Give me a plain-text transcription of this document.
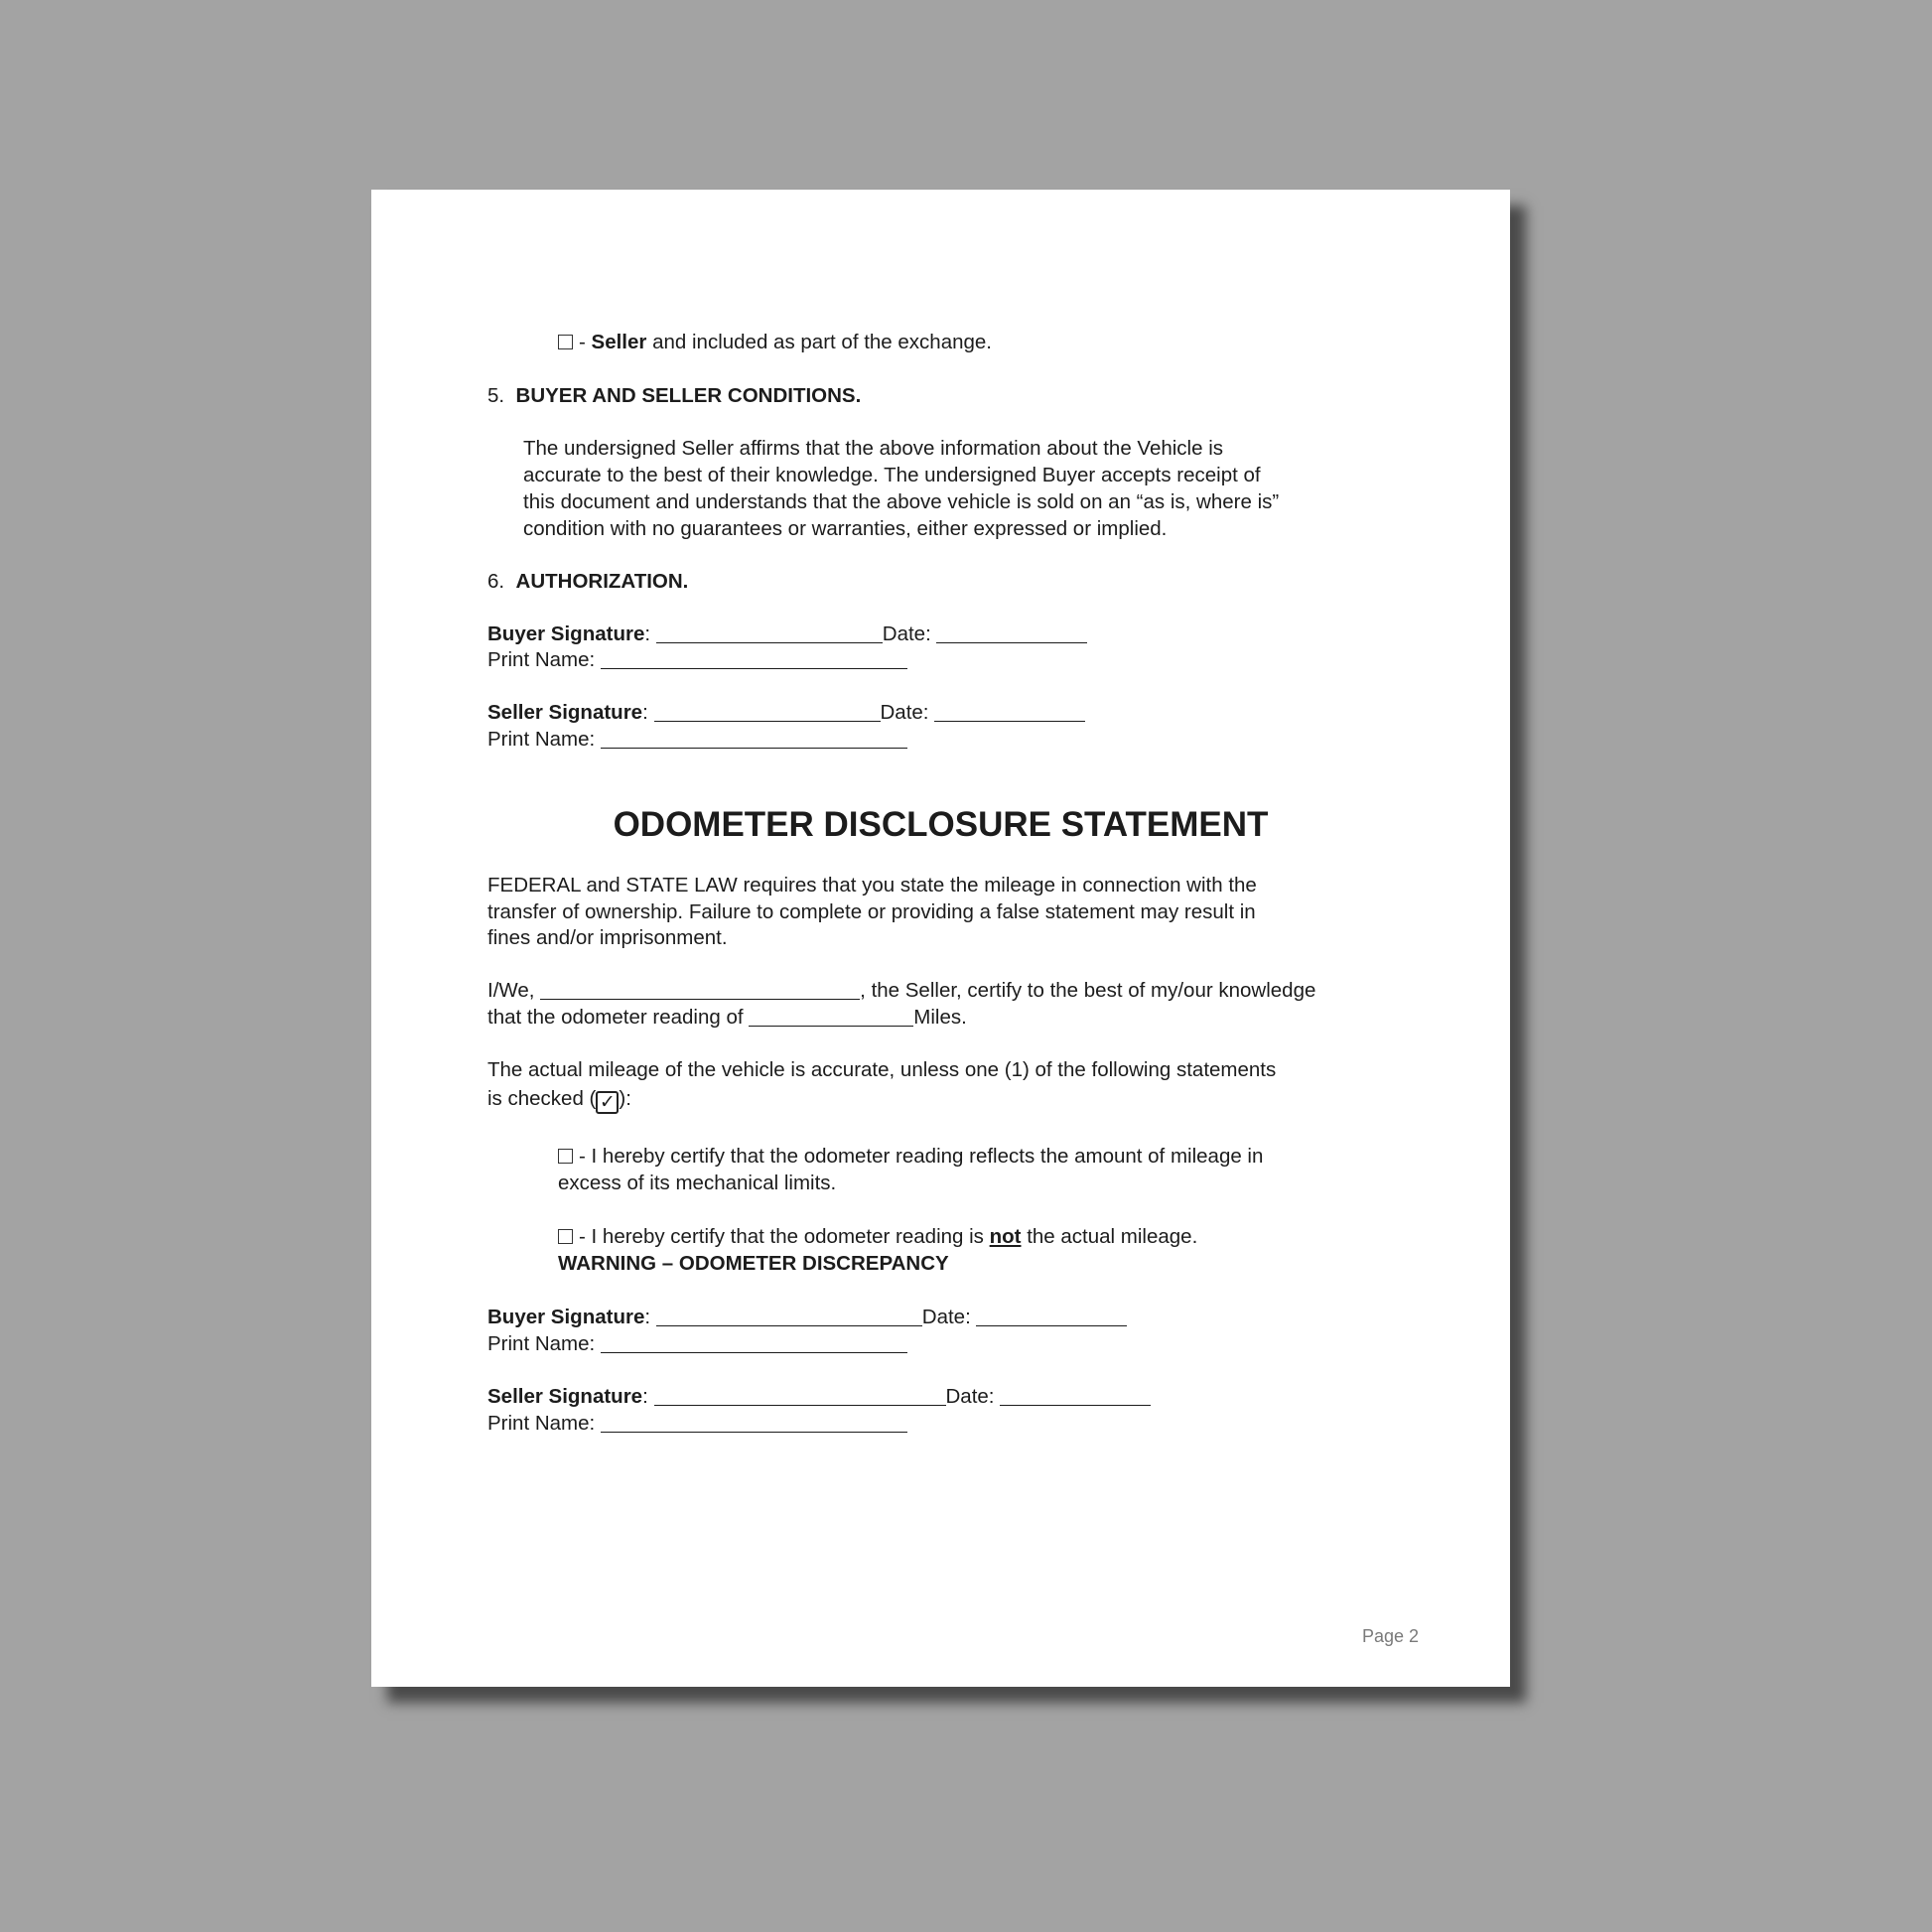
- Seller and included as part of the exchange.

5. BUYER AND SELLER CONDITIONS.

The undersigned Seller affirms that the above information about the Vehicle is

accurate to the best of their knowledge. The undersigned Buyer accepts receipt of

this document and understands that the above vehicle is sold on an “as is, where is”

condition with no guarantees or warranties, either expressed or implied.

6. AUTHORIZATION.

Buyer Signature:	Date:

Print Name:

Seller Signature:	Date:

Print Name:

ODOMETER DISCLOSURE STATEMENT

FEDERAL and STATE LAW requires that you state the mileage in connection with the

transfer of ownership. Failure to complete or providing a false statement may result in

fines and/or imprisonment.

I/We,	, the Seller, certify to the best of my/our knowledge

that the odometer reading of	Miles.

The actual mileage of the vehicle is accurate, unless one (1) of the following statements

is checked ( ✓ ):

- I hereby certify that the odometer reading reflects the amount of mileage in

excess of its mechanical limits.

- I hereby certify that the odometer reading is not the actual mileage.

WARNING – ODOMETER DISCREPANCY

Buyer Signature:	Date:

Print Name:

Seller Signature:	Date:

Print Name:

Page 2
